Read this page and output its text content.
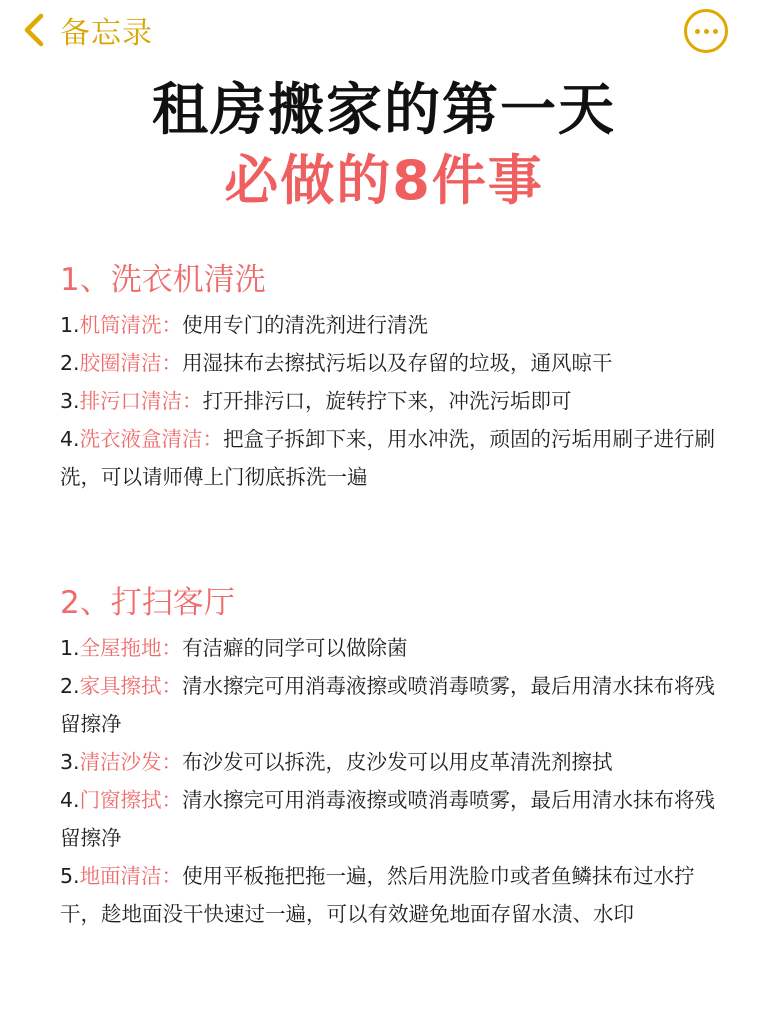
备忘录
租房搬家的第一天
必做的8件事

1、洗衣机清洗

1.机筒清洗：使用专门的清洗剂进行清洗

2.胶圈清洁：用湿抹布去擦拭污垢以及存留的垃圾，通风晾干

3.排污口清洁：打开排污口，旋转拧下来，冲洗污垢即可

4.洗衣液盒清洁：把盒子拆卸下来，用水冲洗，顽固的污垢用刷子进行刷洗，可以请师傅上门彻底拆洗一遍

2、打扫客厅

1.全屋拖地：有洁癖的同学可以做除菌

2.家具擦拭：清水擦完可用消毒液擦或喷消毒喷雾，最后用清水抹布将残留擦净

3.清洁沙发：布沙发可以拆洗，皮沙发可以用皮革清洗剂擦拭

4.门窗擦拭：清水擦完可用消毒液擦或喷消毒喷雾，最后用清水抹布将残留擦净

5.地面清洁：使用平板拖把拖一遍，然后用洗脸巾或者鱼鳞抹布过水拧干，趁地面没干快速过一遍，可以有效避免地面存留水渍、水印
